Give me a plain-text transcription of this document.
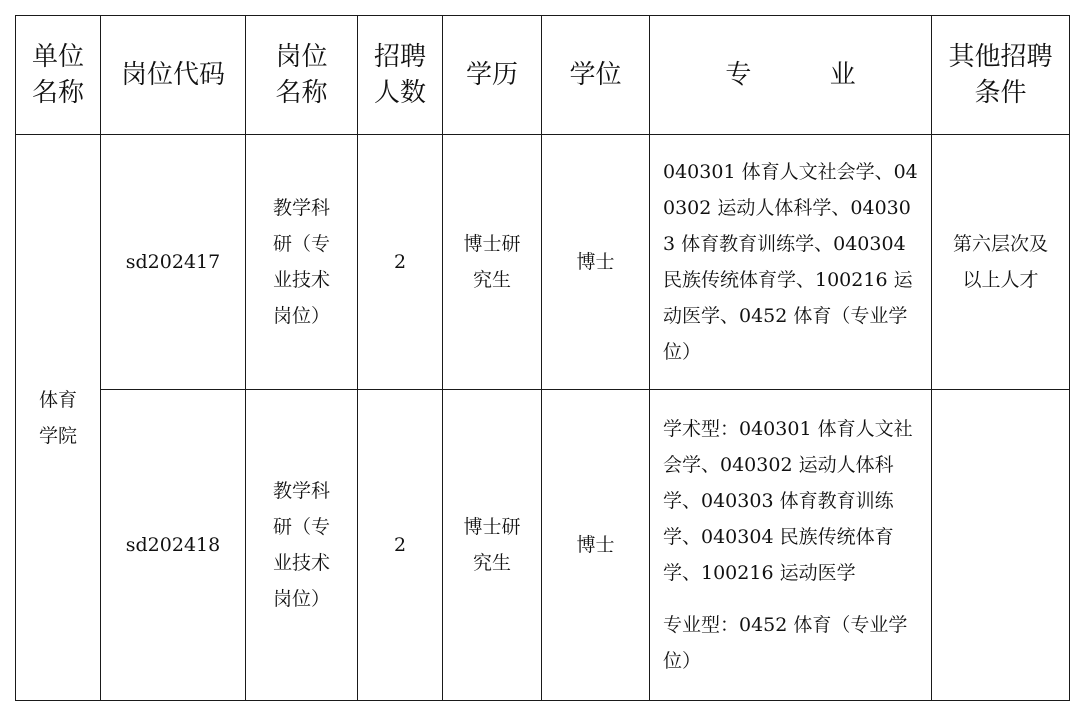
单位名称	岗位代码	岗位名称	招聘人数	学历	学位	专 业	其他招聘条件
体育学院	sd202417	教学科研（专业技术岗位）	2	博士研究生	博士	040301 体育人文社会学、040302 运动人体科学、040303 体育教育训练学、040304 民族传统体育学、100216 运动医学、0452 体育（专业学位）	第六层次及以上人才
	sd202418	教学科研（专业技术岗位）	2	博士研究生	博士	学术型：040301 体育人文社会学、040302 运动人体科学、040303 体育教育训练学、040304 民族传统体育学、100216 运动医学
专业型：0452 体育（专业学位）	
